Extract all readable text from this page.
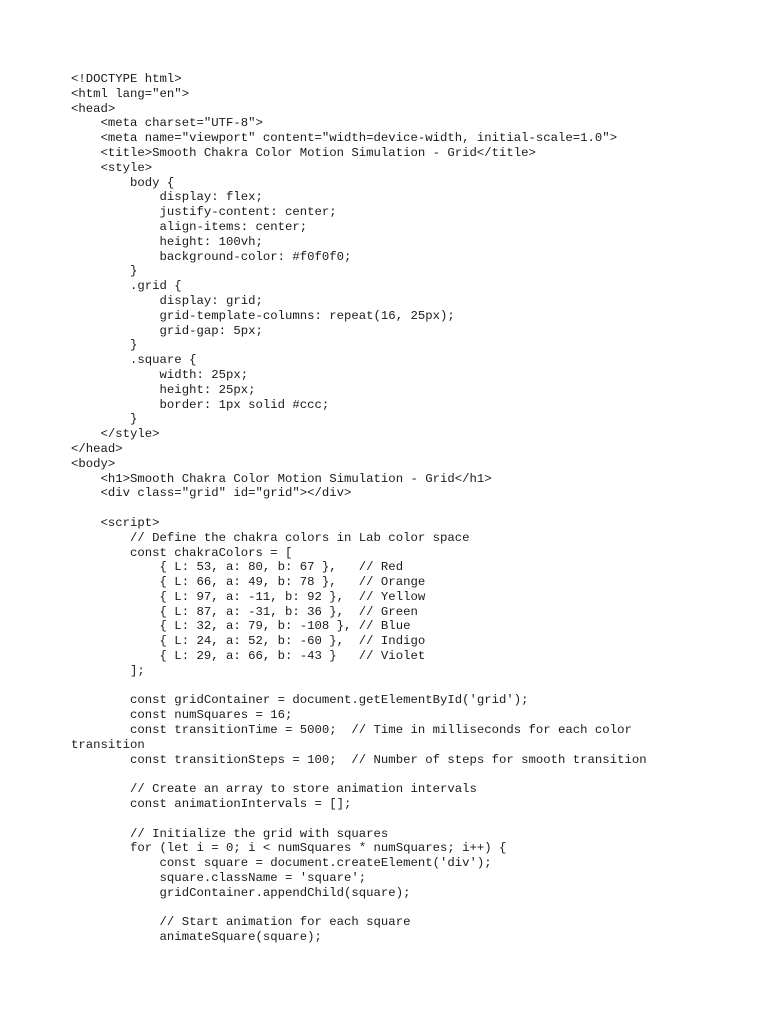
<!DOCTYPE html>
<html lang="en">
<head>
<meta charset="UTF-8">
<meta name="viewport" content="width=device-width, initial-scale=1.0">
<title>Smooth Chakra Color Motion Simulation - Grid</title>
<style>
body {
display: flex;
justify-content: center;
align-items: center;
height: 100vh;
background-color: #f0f0f0;
}
.grid {
display: grid;
grid-template-columns: repeat(16, 25px);
grid-gap: 5px;
}
.square {
width: 25px;
height: 25px;
border: 1px solid #ccc;
}
</style>
</head>
<body>
<h1>Smooth Chakra Color Motion Simulation - Grid</h1>
<div class="grid" id="grid"></div>
<script>
// Define the chakra colors in Lab color space
const chakraColors = [
{ L: 53, a: 80, b: 67 },   // Red
{ L: 66, a: 49, b: 78 },   // Orange
{ L: 97, a: -11, b: 92 },  // Yellow
{ L: 87, a: -31, b: 36 },  // Green
{ L: 32, a: 79, b: -108 }, // Blue
{ L: 24, a: 52, b: -60 },  // Indigo
{ L: 29, a: 66, b: -43 }   // Violet
];
const gridContainer = document.getElementById('grid');
const numSquares = 16;
const transitionTime = 5000;  // Time in milliseconds for each color
transition
const transitionSteps = 100;  // Number of steps for smooth transition
// Create an array to store animation intervals
const animationIntervals = [];
// Initialize the grid with squares
for (let i = 0; i < numSquares * numSquares; i++) {
const square = document.createElement('div');
square.className = 'square';
gridContainer.appendChild(square);
// Start animation for each square
animateSquare(square);
